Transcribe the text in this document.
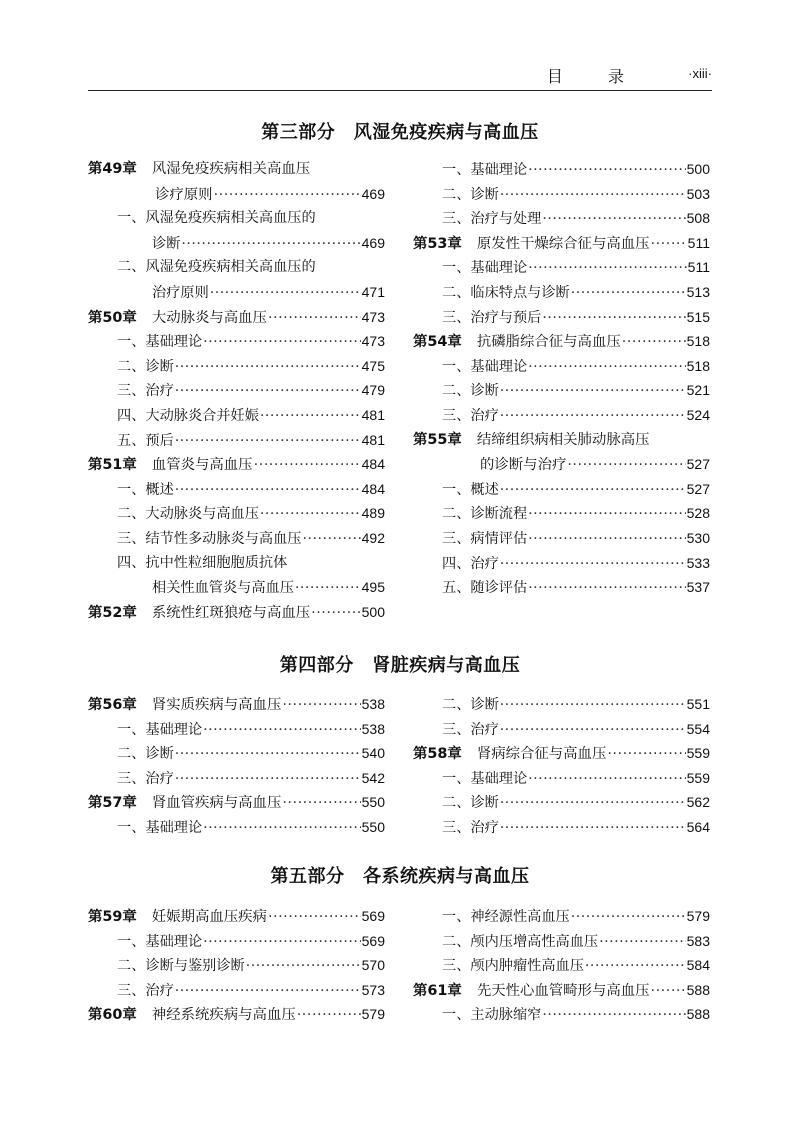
目 录	·xiii·
第三部分　风湿免疫疾病与高血压
第49章 风湿免疫疾病相关高血压
诊疗原则 ·····	469
一、风湿免疫疾病相关高血压的
诊断 ·····	469
二、风湿免疫疾病相关高血压的
治疗原则 ·····	471
第50章 大动脉炎与高血压 ·····	473
一、基础理论 ·····	473
二、诊断 ·····	475
三、治疗 ·····	479
四、大动脉炎合并妊娠 ·····	481
五、预后 ·····	481
第51章 血管炎与高血压 ·····	484
一、概述 ·····	484
二、大动脉炎与高血压 ·····	489
三、结节性多动脉炎与高血压 ·····	492
四、抗中性粒细胞胞质抗体
相关性血管炎与高血压 ·····	495
第52章 系统性红斑狼疮与高血压 ·····	500
一、基础理论 ·····	500
二、诊断 ·····	503
三、治疗与处理 ·····	508
第53章 原发性干燥综合征与高血压 ·····	511
一、基础理论 ·····	511
二、临床特点与诊断 ·····	513
三、治疗与预后 ·····	515
第54章 抗磷脂综合征与高血压 ·····	518
一、基础理论 ·····	518
二、诊断 ·····	521
三、治疗 ·····	524
第55章 结缔组织病相关肺动脉高压
的诊断与治疗 ·····	527
一、概述 ·····	527
二、诊断流程 ·····	528
三、病情评估 ·····	530
四、治疗 ·····	533
五、随诊评估 ·····	537
第四部分　肾脏疾病与高血压
第56章 肾实质疾病与高血压 ·····	538
一、基础理论 ·····	538
二、诊断 ·····	540
三、治疗 ·····	542
第57章 肾血管疾病与高血压 ·····	550
一、基础理论 ·····	550
二、诊断 ·····	551
三、治疗 ·····	554
第58章 肾病综合征与高血压 ·····	559
一、基础理论 ·····	559
二、诊断 ·····	562
三、治疗 ·····	564
第五部分　各系统疾病与高血压
第59章 妊娠期高血压疾病 ·····	569
一、基础理论 ·····	569
二、诊断与鉴别诊断 ·····	570
三、治疗 ·····	573
第60章 神经系统疾病与高血压 ·····	579
一、神经源性高血压 ·····	579
二、颅内压增高性高血压 ·····	583
三、颅内肿瘤性高血压 ·····	584
第61章 先天性心血管畸形与高血压 ·····	588
一、主动脉缩窄 ·····	588
